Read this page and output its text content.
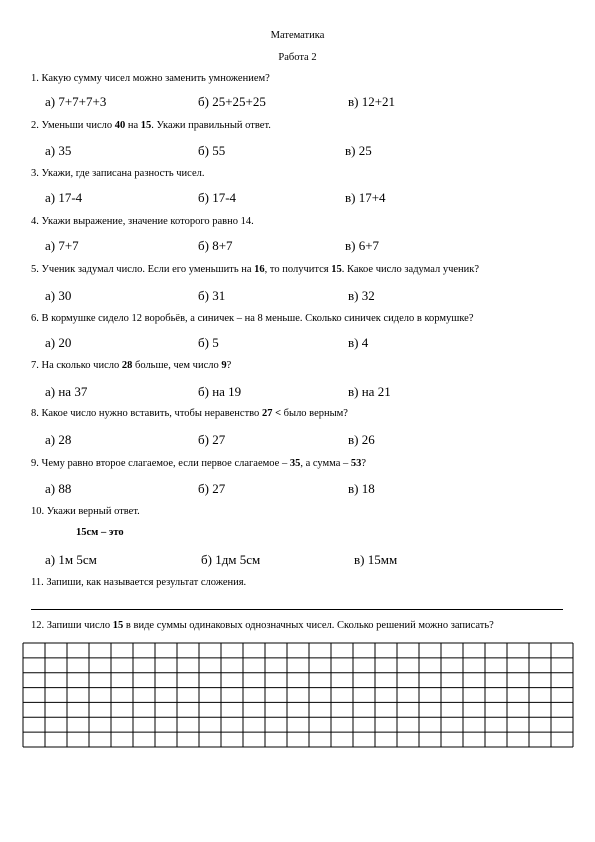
Математика
Работа 2
1. Какую сумму чисел можно заменить умножением?
а) 7+7+7+3	б) 25+25+25	в) 12+21
2. Уменьши число 40 на 15. Укажи правильный ответ.
а) 35	б) 55	в) 25
3. Укажи, где записана разность чисел.
а) 17-4	б) 17-4	в) 17+4
4. Укажи выражение, значение которого равно 14.
а) 7+7	б) 8+7	в) 6+7
5. Ученик задумал число. Если его уменьшить на 16, то получится 15. Какое число задумал ученик?
а) 30	б) 31	в) 32
6. В кормушке сидело 12 воробьёв, а синичек – на 8 меньше. Сколько синичек сидело в кормушке?
а) 20	б) 5	в) 4
7. На сколько число 28 больше, чем число 9?
а) на 37	б) на 19	в) на 21
8. Какое число нужно вставить, чтобы неравенство 27 < было верным?
а) 28	б) 27	в) 26
9. Чему равно второе слагаемое, если первое слагаемое – 35, а сумма – 53?
а) 88	б) 27	в) 18
10. Укажи верный ответ.
15см – это
а) 1м 5см	б) 1дм 5см	в) 15мм
11. Запиши, как называется результат сложения.
12. Запиши число 15 в виде суммы одинаковых однозначных чисел. Сколько решений можно записать?
